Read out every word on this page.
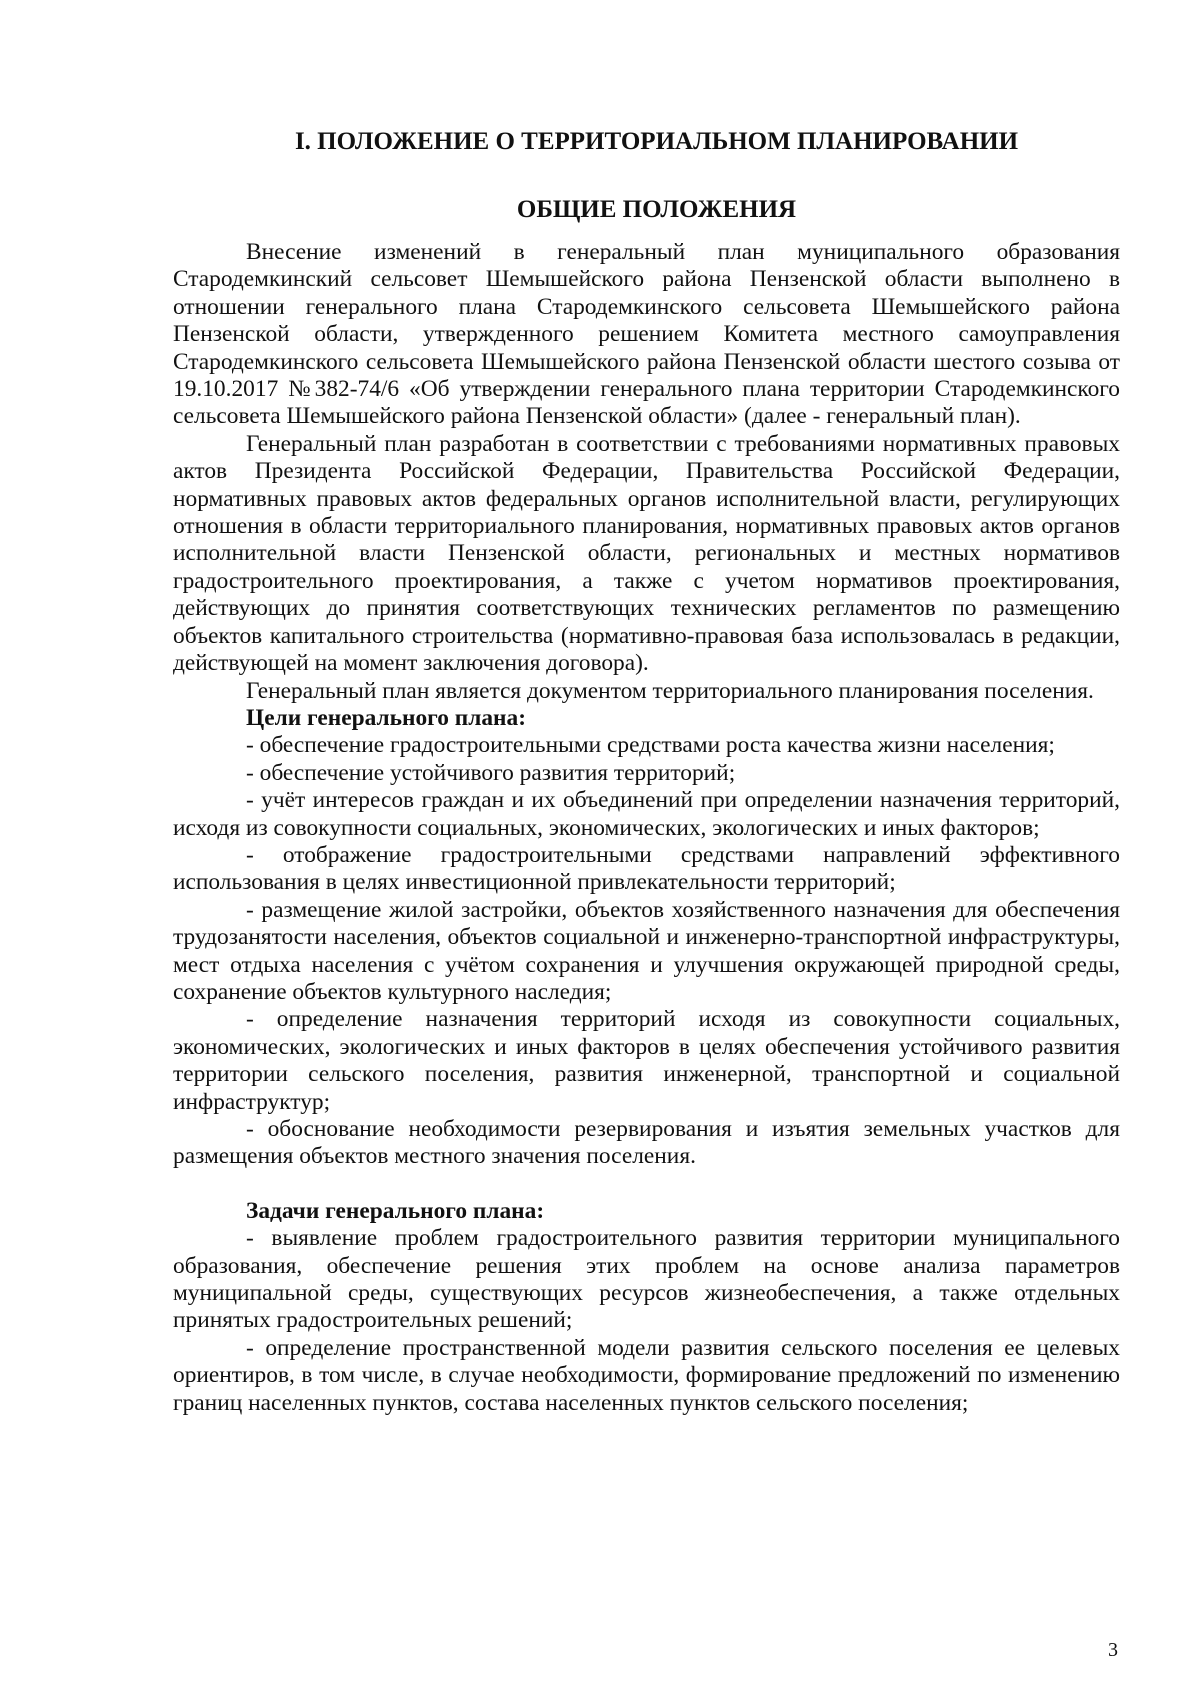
I. ПОЛОЖЕНИЕ О ТЕРРИТОРИАЛЬНОМ ПЛАНИРОВАНИИ
ОБЩИЕ ПОЛОЖЕНИЯ

Внесение изменений в генеральный план муниципального образования Стародемкинский сельсовет Шемышейского района Пензенской области выполнено в отношении генерального плана Стародемкинского сельсовета Шемышейского района Пензенской области, утвержденного решением Комитета местного самоуправления Стародемкинского сельсовета Шемышейского района Пензенской области шестого созыва от 19.10.2017 №382-74/6 «Об утверждении генерального плана территории Стародемкинского сельсовета Шемышейского района Пензенской области» (далее - генеральный план).

Генеральный план разработан в соответствии с требованиями нормативных правовых актов Президента Российской Федерации, Правительства Российской Федерации, нормативных правовых актов федеральных органов исполнительной власти, регулирующих отношения в области территориального планирования, нормативных правовых актов органов исполнительной власти Пензенской области, региональных и местных нормативов градостроительного проектирования, а также с учетом нормативов проектирования, действующих до принятия соответствующих технических регламентов по размещению объектов капитального строительства (нормативно-правовая база использовалась в редакции, действующей на момент заключения договора).

Генеральный план является документом территориального планирования поселения.

Цели генерального плана:

- обеспечение градостроительными средствами роста качества жизни населения;

- обеспечение устойчивого развития территорий;

- учёт интересов граждан и их объединений при определении назначения территорий, исходя из совокупности социальных, экономических, экологических и иных факторов;

- отображение градостроительными средствами направлений эффективного использования в целях инвестиционной привлекательности территорий;

- размещение жилой застройки, объектов хозяйственного назначения для обеспечения трудозанятости населения, объектов социальной и инженерно-транспортной инфраструктуры, мест отдыха населения с учётом сохранения и улучшения окружающей природной среды, сохранение объектов культурного наследия;

- определение назначения территорий исходя из совокупности социальных, экономических, экологических и иных факторов в целях обеспечения устойчивого развития территории сельского поселения, развития инженерной, транспортной и социальной инфраструктур;

- обоснование необходимости резервирования и изъятия земельных участков для размещения объектов местного значения поселения.

Задачи генерального плана:

- выявление проблем градостроительного развития территории муниципального образования, обеспечение решения этих проблем на основе анализа параметров муниципальной среды, существующих ресурсов жизнеобеспечения, а также отдельных принятых градостроительных решений;

- определение пространственной модели развития сельского поселения ее целевых ориентиров, в том числе, в случае необходимости, формирование предложений по изменению границ населенных пунктов, состава населенных пунктов сельского поселения;

3
